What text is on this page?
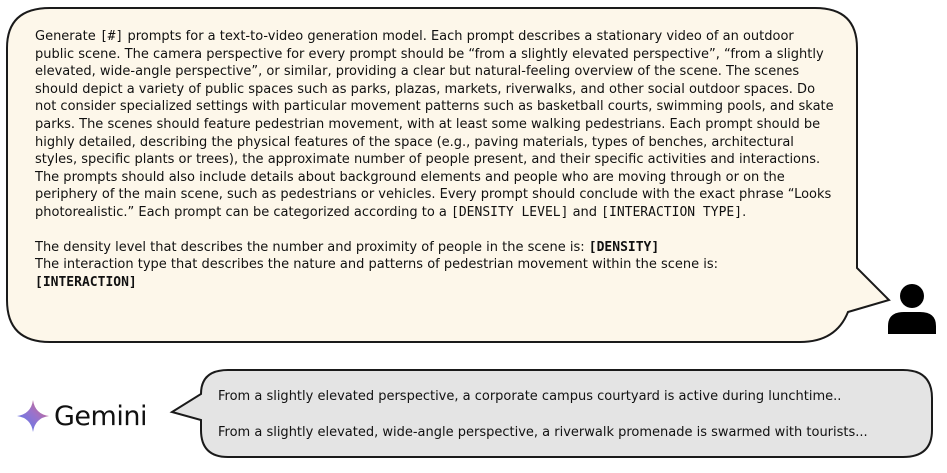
Generate [#] prompts for a text-to-video generation model. Each prompt describes a stationary video of an outdoor public scene. The camera perspective for every prompt should be “from a slightly elevated perspective”, “from a slightly elevated, wide-angle perspective”, or similar, providing a clear but natural-feeling overview of the scene. The scenes should depict a variety of public spaces such as parks, plazas, markets, riverwalks, and other social outdoor spaces. Do not consider specialized settings with particular movement patterns such as basketball courts, swimming pools, and skate parks. The scenes should feature pedestrian movement, with at least some walking pedestrians. Each prompt should be highly detailed, describing the physical features of the space (e.g., paving materials, types of benches, architectural styles, specific plants or trees), the approximate number of people present, and their specific activities and interactions. The prompts should also include details about background elements and people who are moving through or on the periphery of the main scene, such as pedestrians or vehicles. Every prompt should conclude with the exact phrase “Looks photorealistic.” Each prompt can be categorized according to a [DENSITY LEVEL] and [INTERACTION TYPE].

The density level that describes the number and proximity of people in the scene is: [DENSITY]

The interaction type that describes the nature and patterns of pedestrian movement within the scene is:
[INTERACTION]

Gemini
From a slightly elevated perspective, a corporate campus courtyard is active during lunchtime..
From a slightly elevated, wide-angle perspective, a riverwalk promenade is swarmed with tourists...
